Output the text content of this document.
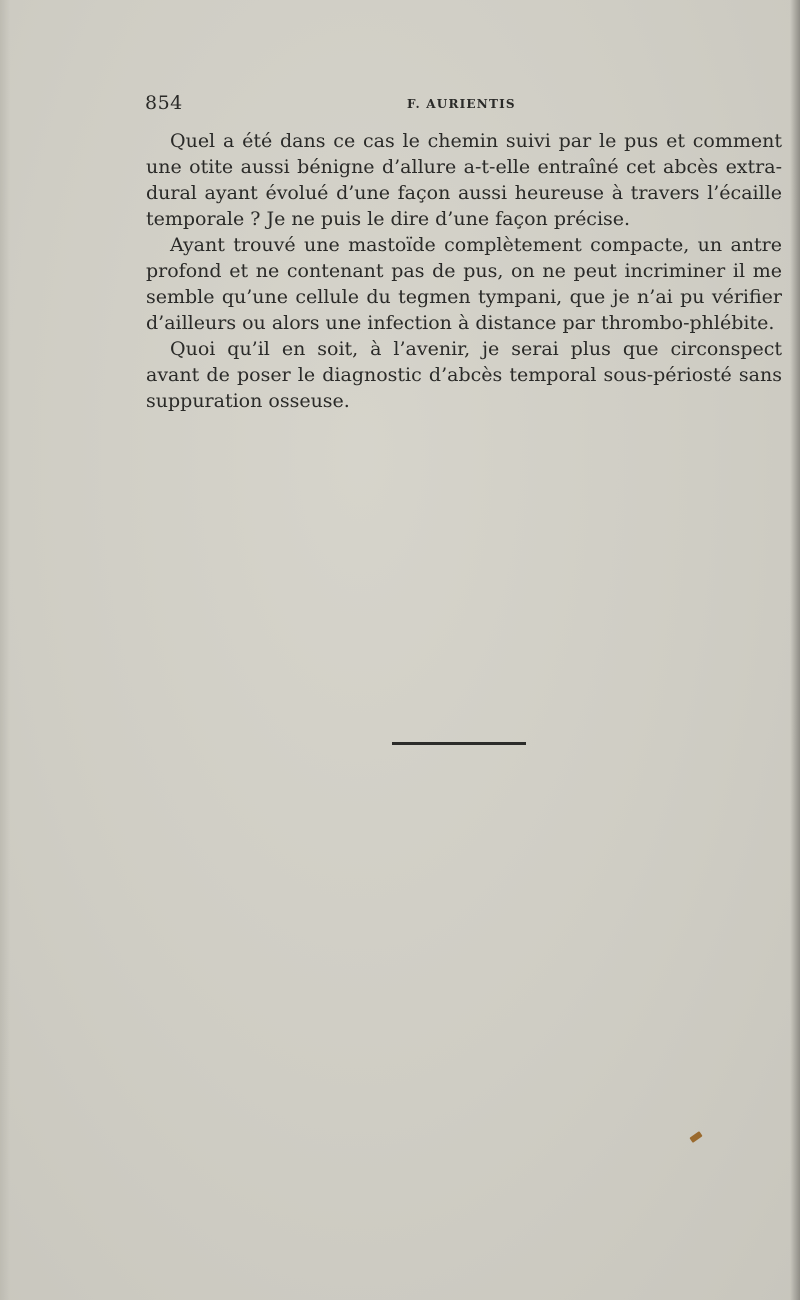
854	F. AURIENTIS

Quel a été dans ce cas le chemin suivi par le pus et comment une otite aussi bénigne d’allure a-t-elle entraîné cet abcès extradural ayant évolué d’une façon aussi heureuse à travers l’écaille temporale ? Je ne puis le dire d’une façon précise.

Ayant trouvé une mastoïde complètement compacte, un antre profond et ne contenant pas de pus, on ne peut incriminer il me semble qu’une cellule du tegmen tympani, que je n’ai pu vérifier d’ailleurs ou alors une infection à distance par thrombo-phlébite.

Quoi qu’il en soit, à l’avenir, je serai plus que circonspect avant de poser le diagnostic d’abcès temporal sous-périosté sans suppuration osseuse.
